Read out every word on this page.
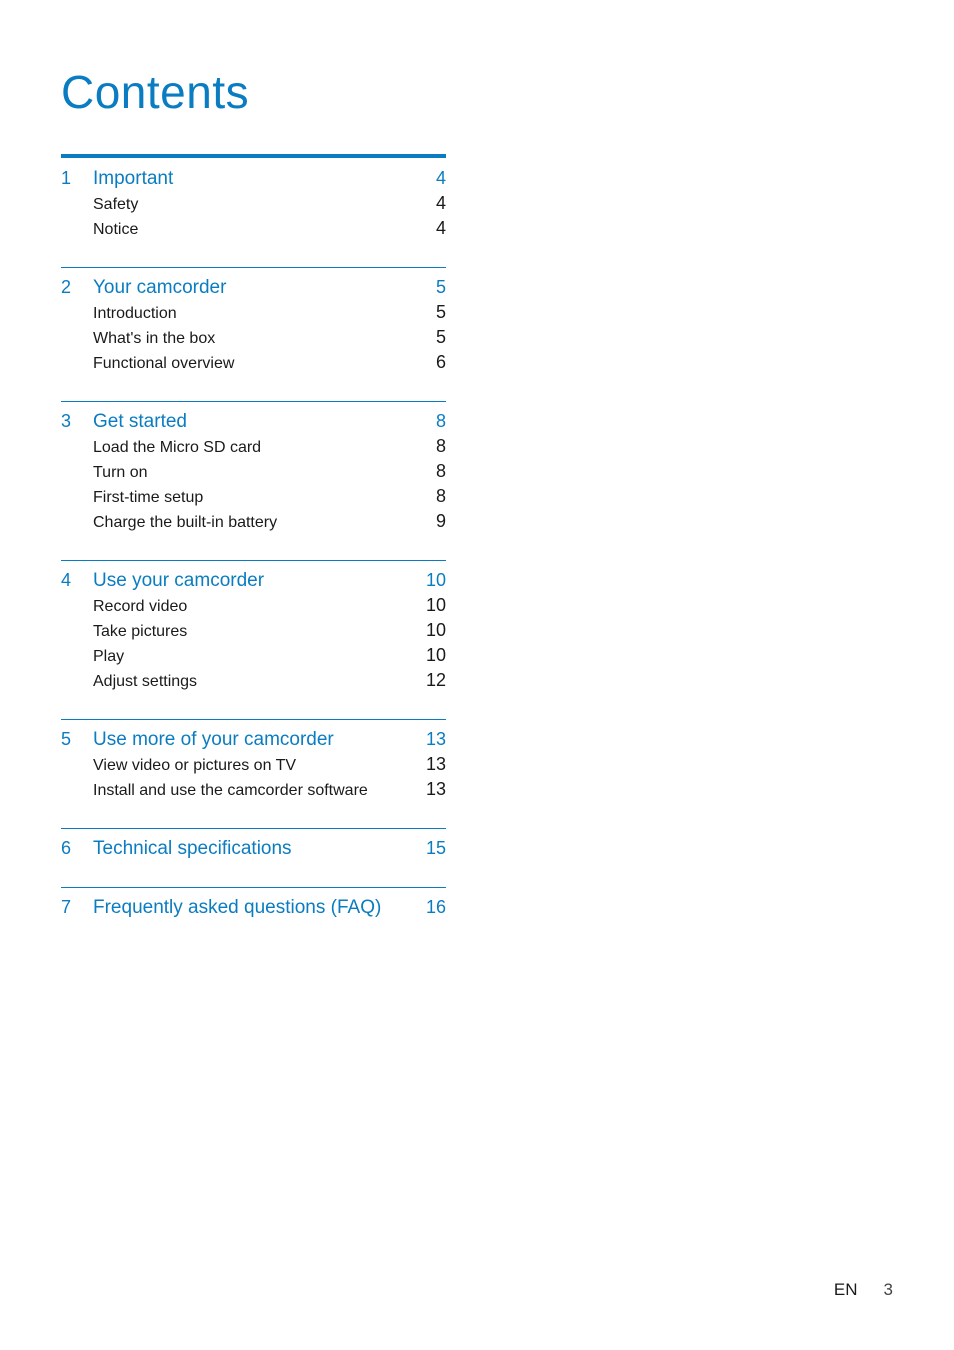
Contents
1	Important	4
Safety	4
Notice	4
2	Your camcorder	5
Introduction	5
What's in the box	5
Functional overview	6
3	Get started	8
Load the Micro SD card	8
Turn on	8
First-time setup	8
Charge the built-in battery	9
4	Use your camcorder	10
Record video	10
Take pictures	10
Play	10
Adjust settings	12
5	Use more of your camcorder	13
View video or pictures on TV	13
Install and use the camcorder software	13
6	Technical specifications	15
7	Frequently asked questions (FAQ)	16
EN 3
